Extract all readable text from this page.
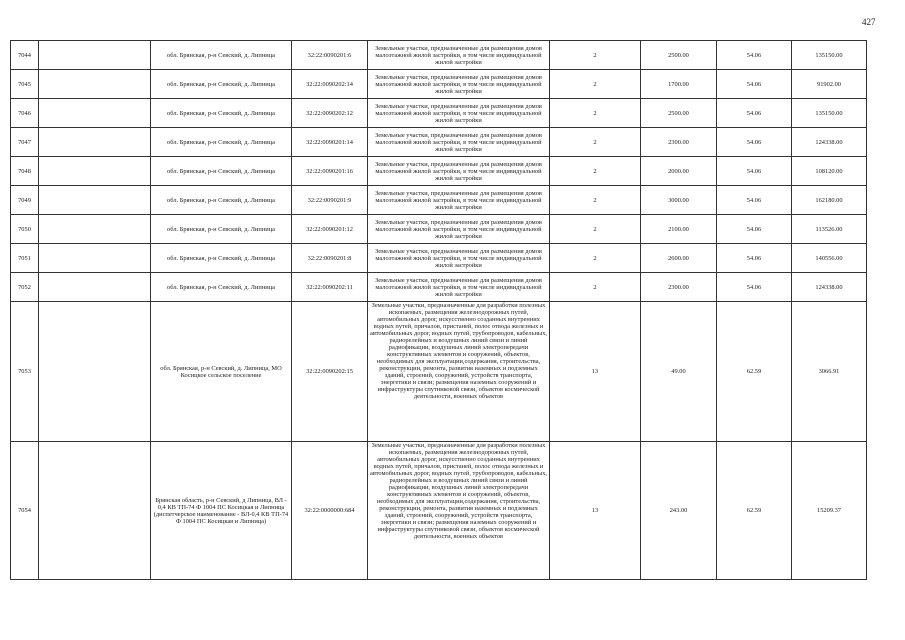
427
7044		обл. Брянская, р-н Севский, д. Липница	32:22:0090201:6	Земельные участки, предназначенные для размещения домов малоэтажной жилой застройки, в том числе индивидуальной жилой застройки	2	2500.00	54.06	135150.00
7045		обл. Брянская, р-н Севский, д. Липница	32:22:0090202:14	Земельные участки, предназначенные для размещения домов малоэтажной жилой застройки, в том числе индивидуальной жилой застройки	2	1700.00	54.06	91902.00
7046		обл. Брянская, р-н Севский, д. Липница	32:22:0090202:12	Земельные участки, предназначенные для размещения домов малоэтажной жилой застройки, в том числе индивидуальной жилой застройки	2	2500.00	54.06	135150.00
7047		обл. Брянская, р-н Севский, д. Липница	32:22:0090201:14	Земельные участки, предназначенные для размещения домов малоэтажной жилой застройки, в том числе индивидуальной жилой застройки	2	2300.00	54.06	124338.00
7048		обл. Брянская, р-н Севский, д. Липница	32:22:0090201:16	Земельные участки, предназначенные для размещения домов малоэтажной жилой застройки, в том числе индивидуальной жилой застройки	2	2000.00	54.06	108120.00
7049		обл. Брянская, р-н Севский, д. Липница	32:22:0090201:9	Земельные участки, предназначенные для размещения домов малоэтажной жилой застройки, в том числе индивидуальной жилой застройки	2	3000.00	54.06	162180.00
7050		обл. Брянская, р-н Севский, д. Липница	32:22:0090201:12	Земельные участки, предназначенные для размещения домов малоэтажной жилой застройки, в том числе индивидуальной жилой застройки	2	2100.00	54.06	113526.00
7051		обл. Брянская, р-н Севский, д. Липница	32:22:0090201:8	Земельные участки, предназначенные для размещения домов малоэтажной жилой застройки, в том числе индивидуальной жилой застройки	2	2600.00	54.06	140556.00
7052		обл. Брянская, р-н Севский, д. Липница	32:22:0090202:11	Земельные участки, предназначенные для размещения домов малоэтажной жилой застройки, в том числе индивидуальной жилой застройки	2	2300.00	54.06	124338.00
7053		обл. Брянская, р-н Севский, д. Липница, МО Косицкое сельское поселение	32:22:0090202:15	Земельные участки, предназначенные для разработки полезных ископаемых, размещения железнодорожных путей, автомобильных дорог, искусственно созданных внутренних водных путей, причалов, пристаней, полос отвода железных и автомобильных дорог, водных путей, трубопроводов, кабельных, радиорелейных и воздушных линий связи и линий радиофикации, воздушных линий электропередачи конструктивных элементов и сооружений, объектов, необходимых для эксплуатации,содержания, строительства, реконструкции, ремонта, развития наземных и подземных зданий, строений, сооружений, устройств транспорта, энергетики и связи; размещения наземных сооружений и инфраструктуры спутниковой связи, объектов космической деятельности, военных объектов	13	49.00	62.59	3066.91
7054		Брянская область, р-н Севский, д Липница, ВЛ - 0,4 КВ ТП-74 Ф 1004 ПС Косицкая и Липница (диспетчерское наименование - ВЛ-0,4 КВ ТП-74 Ф 1004 ПС Косицкая и Липница)	32:22:0000000:684	Земельные участки, предназначенные для разработки полезных ископаемых, размещения железнодорожных путей, автомобильных дорог, искусственно созданных внутренних водных путей, причалов, пристаней, полос отвода железных и автомобильных дорог, водных путей, трубопроводов, кабельных, радиорелейных и воздушных линий связи и линий радиофикации, воздушных линий электропередачи конструктивных элементов и сооружений, объектов, необходимых для эксплуатации,содержания, строительства, реконструкции, ремонта, развития наземных и подземных зданий, строений, сооружений, устройств транспорта, энергетики и связи; размещения наземных сооружений и инфраструктуры спутниковой связи, объектов космической деятельности, военных объектов	13	243.00	62.59	15209.37
